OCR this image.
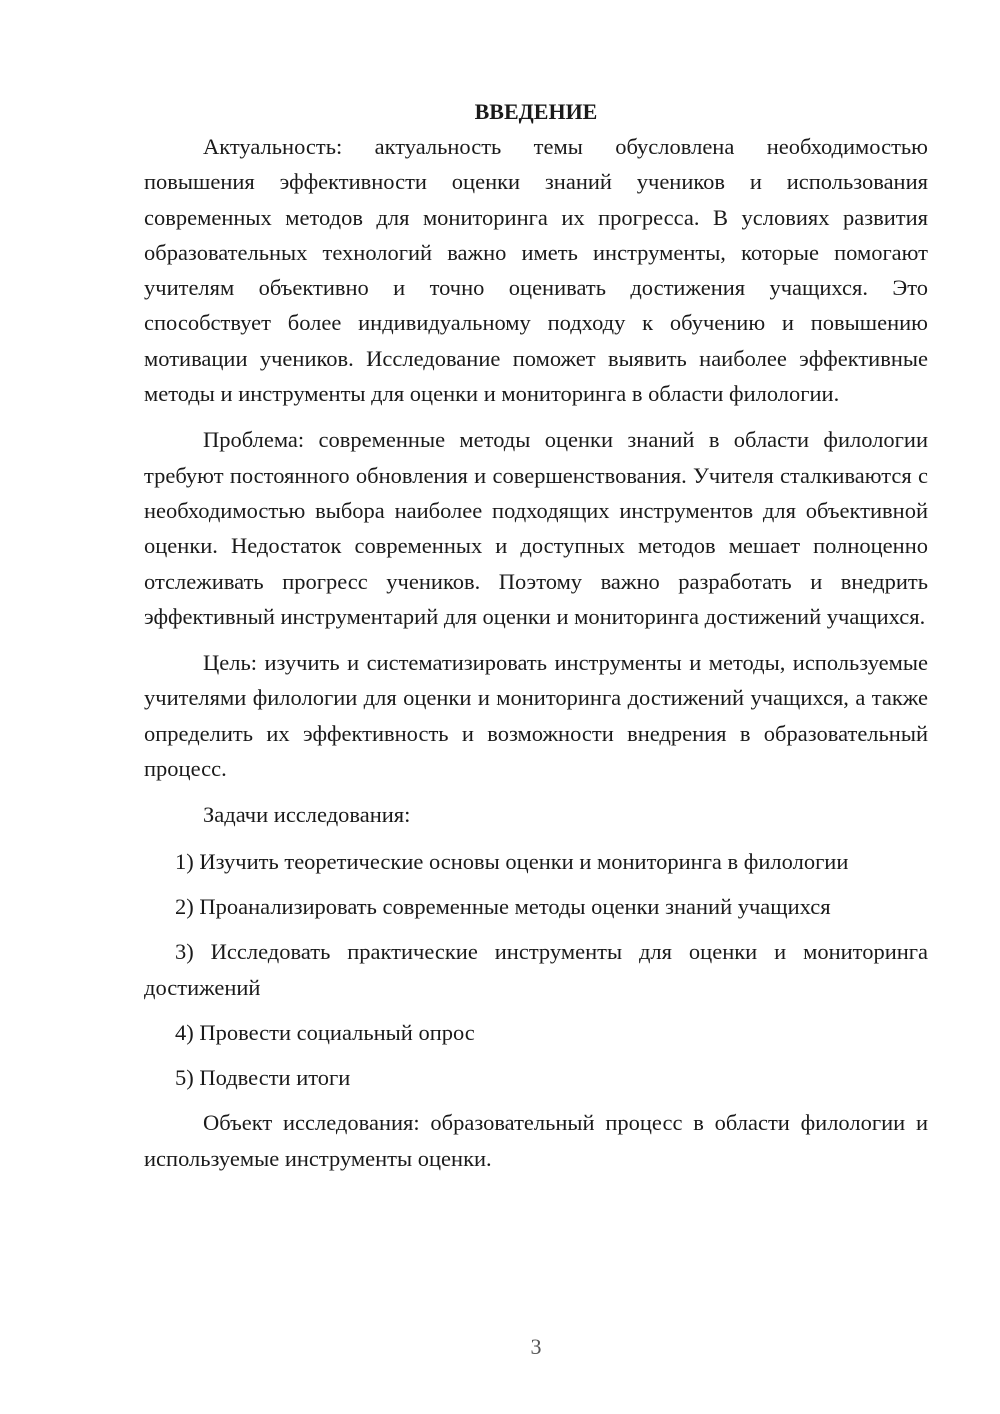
ВВЕДЕНИЕ

Актуальность: актуальность темы обусловлена необходимостью повышения эффективности оценки знаний учеников и использования современных методов для мониторинга их прогресса. В условиях развития образовательных технологий важно иметь инструменты, которые помогают учителям объективно и точно оценивать достижения учащихся. Это способствует более индивидуальному подходу к обучению и повышению мотивации учеников. Исследование поможет выявить наиболее эффективные методы и инструменты для оценки и мониторинга в области филологии.

Проблема: современные методы оценки знаний в области филологии требуют постоянного обновления и совершенствования. Учителя сталкиваются с необходимостью выбора наиболее подходящих инструментов для объективной оценки. Недостаток современных и доступных методов мешает полноценно отслеживать прогресс учеников. Поэтому важно разработать и внедрить эффективный инструментарий для оценки и мониторинга достижений учащихся.

Цель: изучить и систематизировать инструменты и методы, используемые учителями филологии для оценки и мониторинга достижений учащихся, а также определить их эффективность и возможности внедрения в образовательный процесс.

Задачи исследования:

1) Изучить теоретические основы оценки и мониторинга в филологии

2) Проанализировать современные методы оценки знаний учащихся

3) Исследовать практические инструменты для оценки и мониторинга достижений

4) Провести социальный опрос

5) Подвести итоги

Объект исследования: образовательный процесс в области филологии и используемые инструменты оценки.

3
